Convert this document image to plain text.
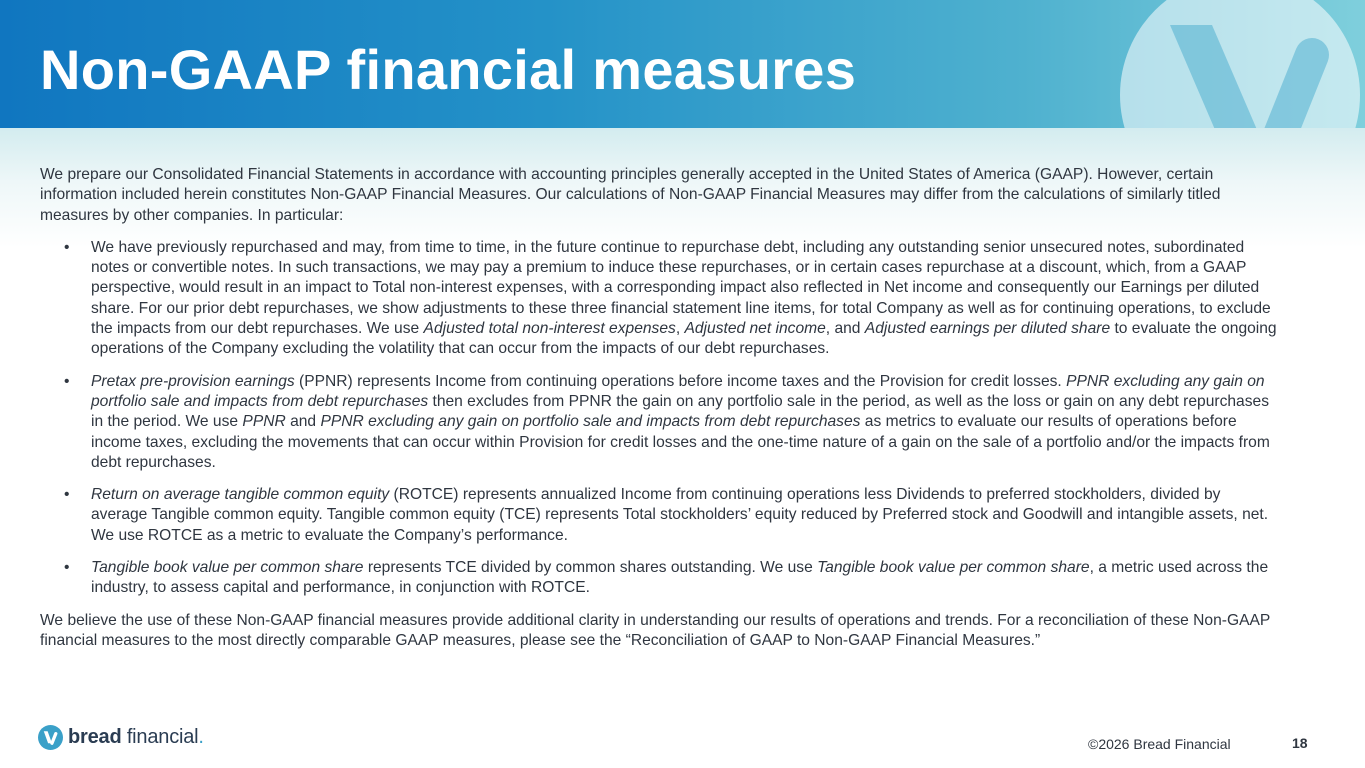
Non-GAAP financial measures

We prepare our Consolidated Financial Statements in accordance with accounting principles generally accepted in the United States of America (GAAP). However, certain information included herein constitutes Non-GAAP Financial Measures. Our calculations of Non-GAAP Financial Measures may differ from the calculations of similarly titled measures by other companies. In particular:

• We have previously repurchased and may, from time to time, in the future continue to repurchase debt, including any outstanding senior unsecured notes, subordinated notes or convertible notes. In such transactions, we may pay a premium to induce these repurchases, or in certain cases repurchase at a discount, which, from a GAAP perspective, would result in an impact to Total non-interest expenses, with a corresponding impact also reflected in Net income and consequently our Earnings per diluted share. For our prior debt repurchases, we show adjustments to these three financial statement line items, for total Company as well as for continuing operations, to exclude the impacts from our debt repurchases. We use Adjusted total non-interest expenses, Adjusted net income, and Adjusted earnings per diluted share to evaluate the ongoing operations of the Company excluding the volatility that can occur from the impacts of our debt repurchases.
• Pretax pre-provision earnings (PPNR) represents Income from continuing operations before income taxes and the Provision for credit losses. PPNR excluding any gain on portfolio sale and impacts from debt repurchases then excludes from PPNR the gain on any portfolio sale in the period, as well as the loss or gain on any debt repurchases in the period. We use PPNR and PPNR excluding any gain on portfolio sale and impacts from debt repurchases as metrics to evaluate our results of operations before income taxes, excluding the movements that can occur within Provision for credit losses and the one-time nature of a gain on the sale of a portfolio and/or the impacts from debt repurchases.
• Return on average tangible common equity (ROTCE) represents annualized Income from continuing operations less Dividends to preferred stockholders, divided by average Tangible common equity. Tangible common equity (TCE) represents Total stockholders’ equity reduced by Preferred stock and Goodwill and intangible assets, net. We use ROTCE as a metric to evaluate the Company’s performance.
• Tangible book value per common share represents TCE divided by common shares outstanding. We use Tangible book value per common share, a metric used across the industry, to assess capital and performance, in conjunction with ROTCE.

We believe the use of these Non-GAAP financial measures provide additional clarity in understanding our results of operations and trends. For a reconciliation of these Non-GAAP financial measures to the most directly comparable GAAP measures, please see the “Reconciliation of GAAP to Non-GAAP Financial Measures.”

bread financial.	©2026 Bread Financial	18
